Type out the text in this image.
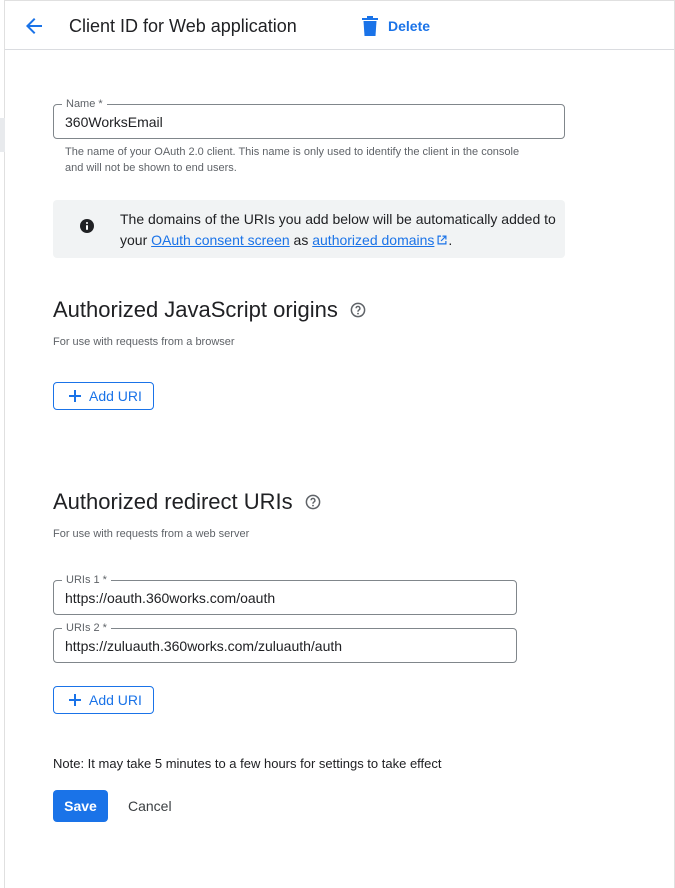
Client ID for Web application	Delete
Name *
360WorksEmail
The name of your OAuth 2.0 client. This name is only used to identify the client in the console and will not be shown to end users.
The domains of the URIs you add below will be automatically added to your OAuth consent screen as authorized domains .
Authorized JavaScript origins
For use with requests from a browser
Add URI
Authorized redirect URIs
For use with requests from a web server
URIs 1 *
https://oauth.360works.com/oauth
URIs 2 *
https://zuluauth.360works.com/zuluauth/auth
Add URI
Note: It may take 5 minutes to a few hours for settings to take effect
Save	Cancel
